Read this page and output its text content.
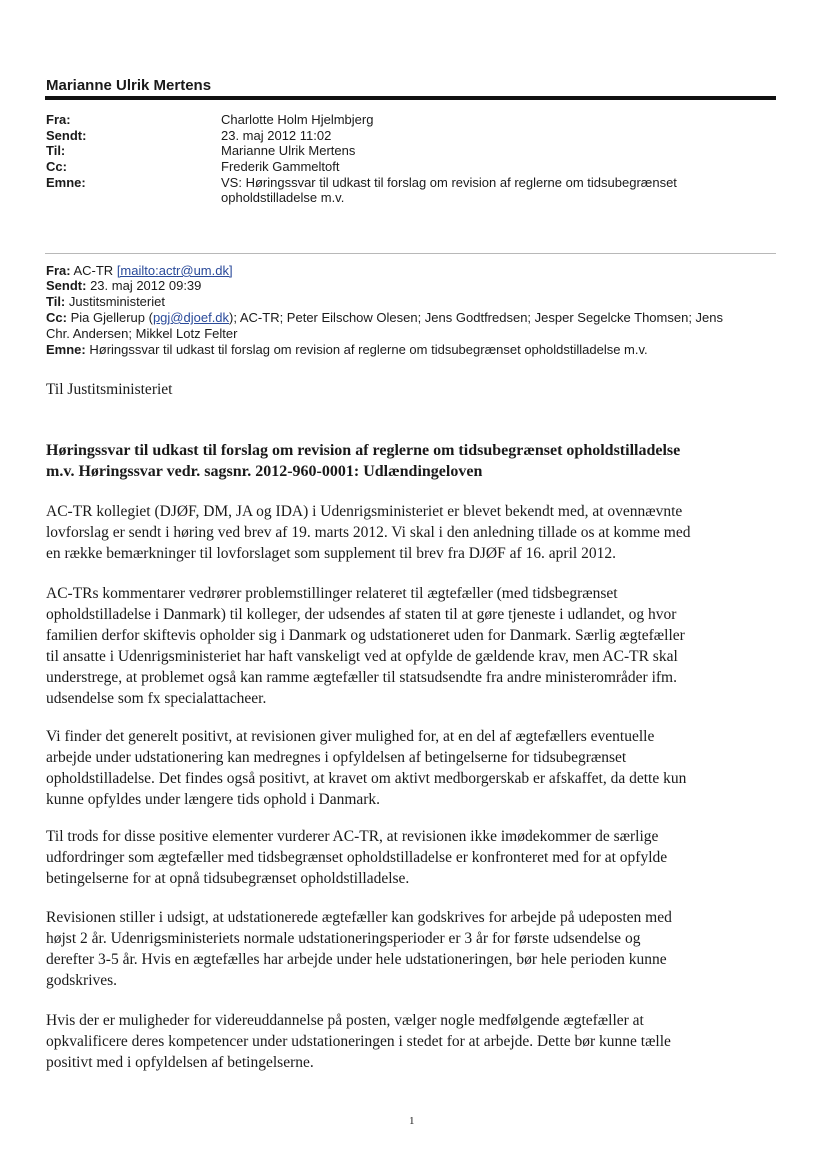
Marianne Ulrik Mertens
Fra:	Charlotte Holm Hjelmbjerg
Sendt:	23. maj 2012 11:02
Til:	Marianne Ulrik Mertens
Cc:	Frederik Gammeltoft
Emne:	VS: Høringssvar til udkast til forslag om revision af reglerne om tidsubegrænset
opholdstilladelse m.v.
Fra: AC-TR [mailto:actr@um.dk]
Sendt: 23. maj 2012 09:39
Til: Justitsministeriet
Cc: Pia Gjellerup (pgj@djoef.dk); AC-TR; Peter Eilschow Olesen; Jens Godtfredsen; Jesper Segelcke Thomsen; Jens
Chr. Andersen; Mikkel Lotz Felter
Emne: Høringssvar til udkast til forslag om revision af reglerne om tidsubegrænset opholdstilladelse m.v.
Til Justitsministeriet
Høringssvar til udkast til forslag om revision af reglerne om tidsubegrænset opholdstilladelse
m.v. Høringssvar vedr. sagsnr. 2012-960-0001: Udlændingeloven
AC-TR kollegiet (DJØF, DM, JA og IDA) i Udenrigsministeriet er blevet bekendt med, at ovennævnte
lovforslag er sendt i høring ved brev af 19. marts 2012. Vi skal i den anledning tillade os at komme med
en række bemærkninger til lovforslaget som supplement til brev fra DJØF af 16. april 2012.
AC-TRs kommentarer vedrører problemstillinger relateret til ægtefæller (med tidsbegrænset
opholdstilladelse i Danmark) til kolleger, der udsendes af staten til at gøre tjeneste i udlandet, og hvor
familien derfor skiftevis opholder sig i Danmark og udstationeret uden for Danmark. Særlig ægtefæller
til ansatte i Udenrigsministeriet har haft vanskeligt ved at opfylde de gældende krav, men AC-TR skal
understrege, at problemet også kan ramme ægtefæller til statsudsendte fra andre ministerområder ifm.
udsendelse som fx specialattacheer.
Vi finder det generelt positivt, at revisionen giver mulighed for, at en del af ægtefællers eventuelle
arbejde under udstationering kan medregnes i opfyldelsen af betingelserne for tidsubegrænset
opholdstilladelse. Det findes også positivt, at kravet om aktivt medborgerskab er afskaffet, da dette kun
kunne opfyldes under længere tids ophold i Danmark.
Til trods for disse positive elementer vurderer AC-TR, at revisionen ikke imødekommer de særlige
udfordringer som ægtefæller med tidsbegrænset opholdstilladelse er konfronteret med for at opfylde
betingelserne for at opnå tidsubegrænset opholdstilladelse.
Revisionen stiller i udsigt, at udstationerede ægtefæller kan godskrives for arbejde på udeposten med
højst 2 år. Udenrigsministeriets normale udstationeringsperioder er 3 år for første udsendelse og
derefter 3-5 år. Hvis en ægtefælles har arbejde under hele udstationeringen, bør hele perioden kunne
godskrives.
Hvis der er muligheder for videreuddannelse på posten, vælger nogle medfølgende ægtefæller at
opkvalificere deres kompetencer under udstationeringen i stedet for at arbejde. Dette bør kunne tælle
positivt med i opfyldelsen af betingelserne.
1
